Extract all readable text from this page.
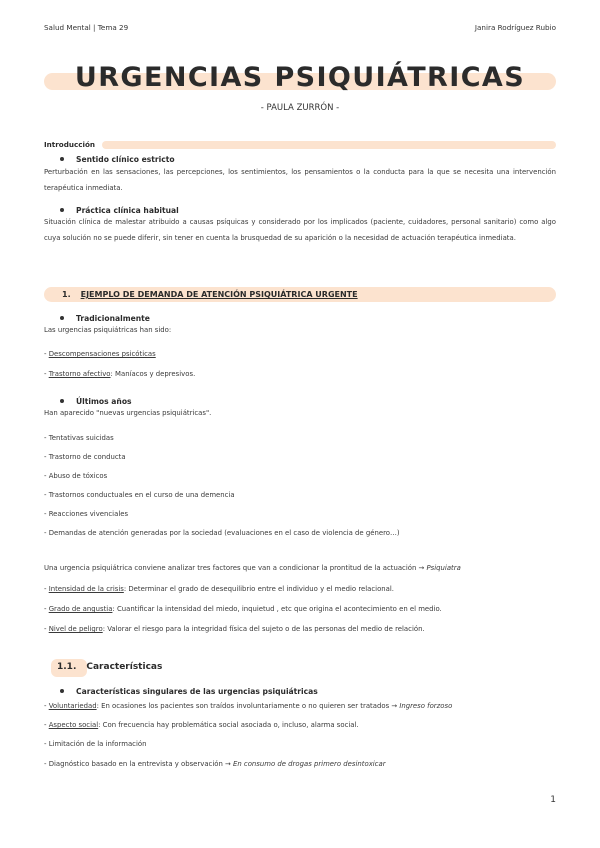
Salud Mental | Tema 29	Janira Rodríguez Rubio
URGENCIAS PSIQUIÁTRICAS
- PAULA ZURRÓN -
Introducción
Sentido clínico estricto
Perturbación en las sensaciones, las percepciones, los sentimientos, los pensamientos o la conducta para la que se necesita una intervención terapéutica inmediata.
Práctica clínica habitual
Situación clínica de malestar atribuido a causas psíquicas y considerado por los implicados (paciente, cuidadores, personal sanitario) como algo cuya solución no se puede diferir, sin tener en cuenta la brusquedad de su aparición o la necesidad de actuación terapéutica inmediata.
1. EJEMPLO DE DEMANDA DE ATENCIÓN PSIQUIÁTRICA URGENTE
Tradicionalmente
Las urgencias psiquiátricas han sido:
- Descompensaciones psicóticas
- Trastorno afectivo: Maníacos y depresivos.
Últimos años
Han aparecido "nuevas urgencias psiquiátricas".
- Tentativas suicidas
- Trastorno de conducta
- Abuso de tóxicos
- Trastornos conductuales en el curso de una demencia
- Reacciones vivenciales
- Demandas de atención generadas por la sociedad (evaluaciones en el caso de violencia de género…)
Una urgencia psiquiátrica conviene analizar tres factores que van a condicionar la prontitud de la actuación → Psiquiatra
- Intensidad de la crisis: Determinar el grado de desequilibrio entre el individuo y el medio relacional.
- Grado de angustia: Cuantificar la intensidad del miedo, inquietud , etc que origina el acontecimiento en el medio.
- Nivel de peligro: Valorar el riesgo para la integridad física del sujeto o de las personas del medio de relación.
1.1. Características
Características singulares de las urgencias psiquiátricas
- Voluntariedad: En ocasiones los pacientes son traídos involuntariamente o no quieren ser tratados → Ingreso forzoso
- Aspecto social: Con frecuencia hay problemática social asociada o, incluso, alarma social.
- Limitación de la información
- Diagnóstico basado en la entrevista y observación → En consumo de drogas primero desintoxicar
1
